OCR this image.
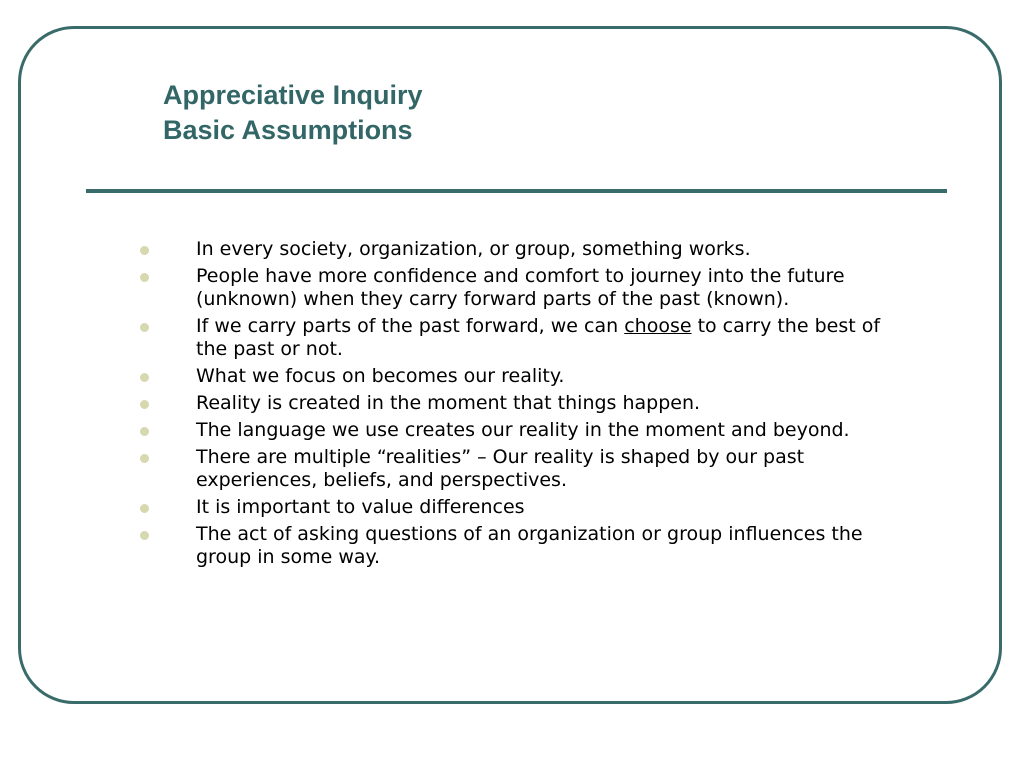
Appreciative Inquiry
Basic Assumptions
In every society, organization, or group, something works.
People have more confidence and comfort to journey into the future (unknown) when they carry forward parts of the past (known).
If we carry parts of the past forward, we can choose to carry the best of the past or not.
What we focus on becomes our reality.
Reality is created in the moment that things happen.
The language we use creates our reality in the moment and beyond.
There are multiple “realities” – Our reality is shaped by our past experiences, beliefs, and perspectives.
It is important to value differences
The act of asking questions of an organization or group influences the group in some way.
